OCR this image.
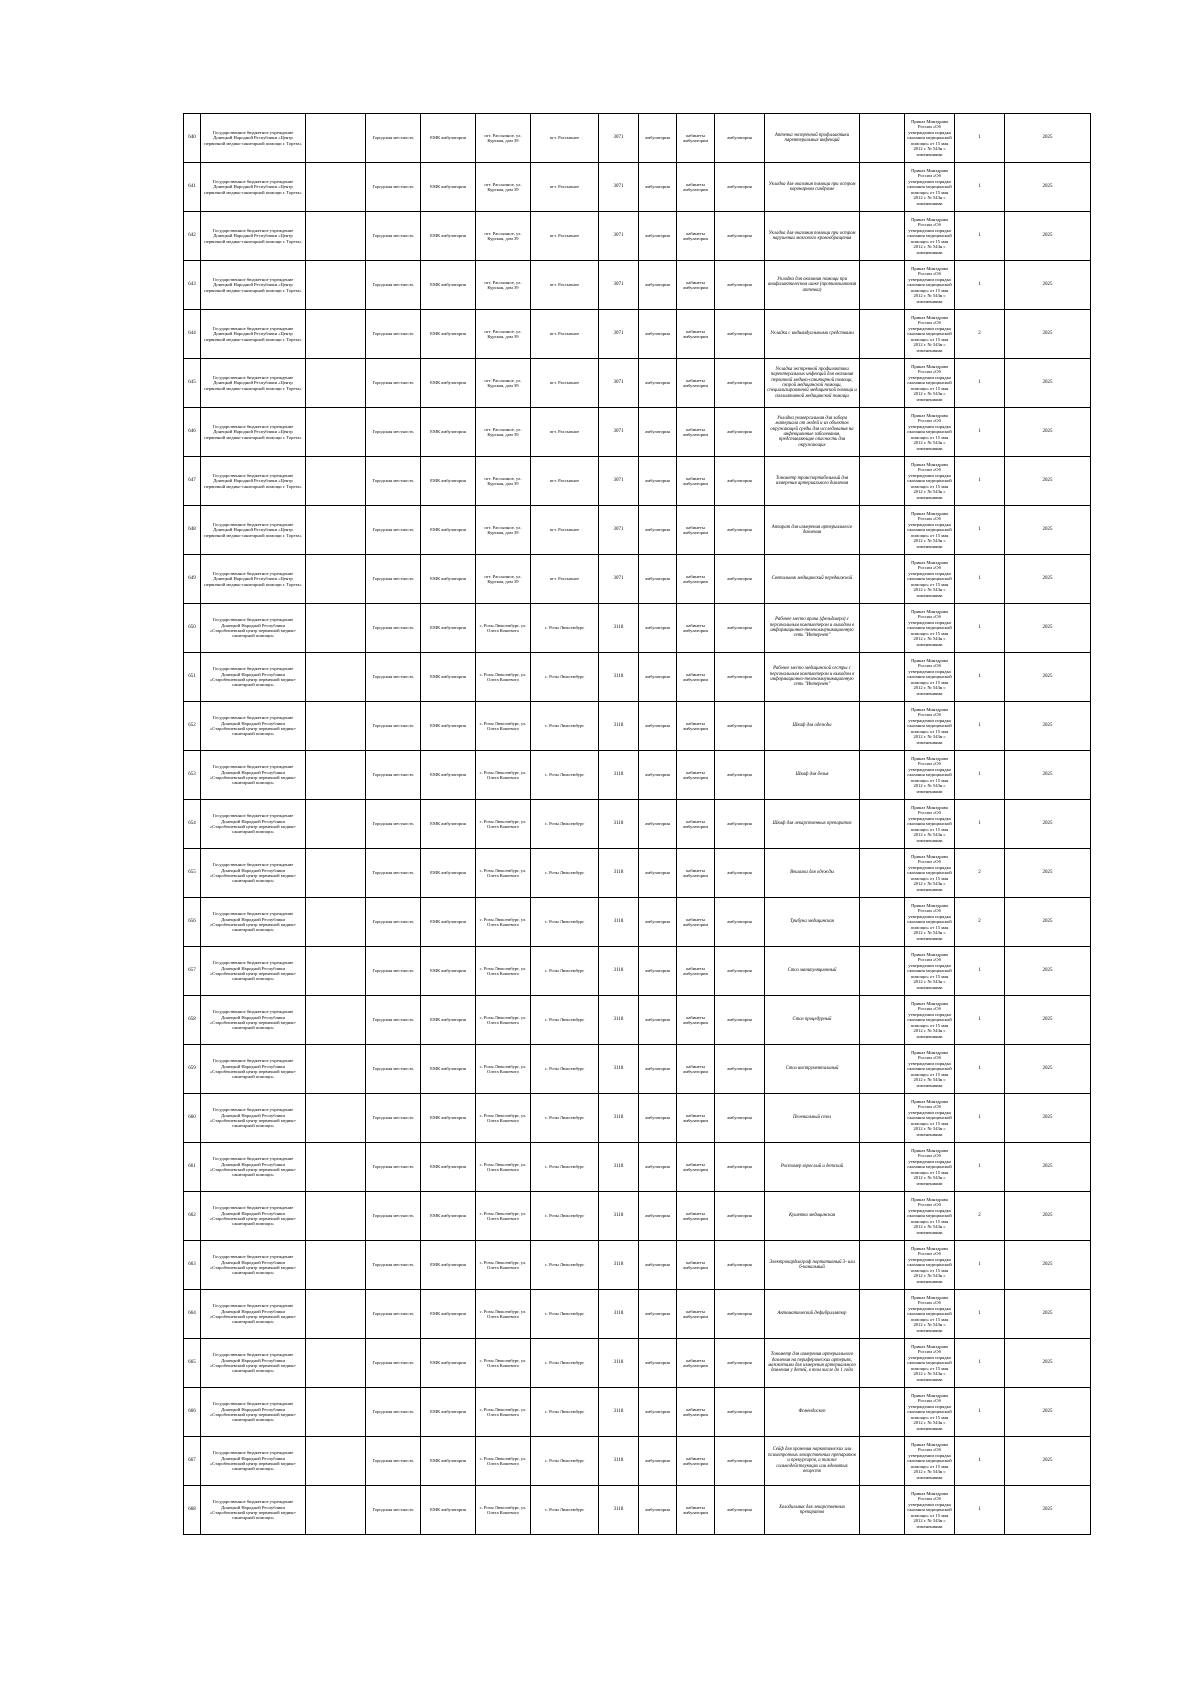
640	Государственное бюджетное учреждение Донецкой Народной Республики «Центр первичной медико-санитарной помощи г. Тореза»		Городская местность	ЕМК амбулатория	пгт. Рассыпное, ул. Курская, дом 39	пгт. Рассыпное	3071	амбулатория	кабинеты амбулатории	амбулатория	Аптечка экстренной профилактики парентеральных инфекций		Приказ Минздрава России «Об утверждении порядка оказания медицинской помощи» от 15 мая 2012 г. № 543н с изменениями	1	2025
641	Государственное бюджетное учреждение Донецкой Народной Республики «Центр первичной медико-санитарной помощи г. Тореза»		Городская местность	ЕМК амбулатория	пгт. Рассыпное, ул. Курская, дом 39	пгт. Рассыпное	3071	амбулатория	кабинеты амбулатории	амбулатория	Укладка для оказания помощи при остром коронарном синдроме		Приказ Минздрава России «Об утверждении порядка оказания медицинской помощи» от 15 мая 2012 г. № 543н с изменениями	1	2025
642	Государственное бюджетное учреждение Донецкой Народной Республики «Центр первичной медико-санитарной помощи г. Тореза»		Городская местность	ЕМК амбулатория	пгт. Рассыпное, ул. Курская, дом 39	пгт. Рассыпное	3071	амбулатория	кабинеты амбулатории	амбулатория	Укладка для оказания помощи при остром нарушении мозгового кровообращения		Приказ Минздрава России «Об утверждении порядка оказания медицинской помощи» от 15 мая 2012 г. № 543н с изменениями	1	2025
643	Государственное бюджетное учреждение Донецкой Народной Республики «Центр первичной медико-санитарной помощи г. Тореза»		Городская местность	ЕМК амбулатория	пгт. Рассыпное, ул. Курская, дом 39	пгт. Рассыпное	3071	амбулатория	кабинеты амбулатории	амбулатория	Укладка для оказания помощи при анафилактическом шоке (противошоковая аптечка)		Приказ Минздрава России «Об утверждении порядка оказания медицинской помощи» от 15 мая 2012 г. № 543н с изменениями	1	2025
644	Государственное бюджетное учреждение Донецкой Народной Республики «Центр первичной медико-санитарной помощи г. Тореза»		Городская местность	ЕМК амбулатория	пгт. Рассыпное, ул. Курская, дом 39	пгт. Рассыпное	3071	амбулатория	кабинеты амбулатории	амбулатория	Укладка с индивидуальными средствами		Приказ Минздрава России «Об утверждении порядка оказания медицинской помощи» от 15 мая 2012 г. № 543н с изменениями	2	2025
645	Государственное бюджетное учреждение Донецкой Народной Республики «Центр первичной медико-санитарной помощи г. Тореза»		Городская местность	ЕМК амбулатория	пгт. Рассыпное, ул. Курская, дом 39	пгт. Рассыпное	3071	амбулатория	кабинеты амбулатории	амбулатория	Укладка экстренной профилактики парентеральных инфекций для оказания первичной медико-санитарной помощи, скорой медицинской помощи, специализированной медицинской помощи и паллиативной медицинской помощи		Приказ Минздрава России «Об утверждении порядка оказания медицинской помощи» от 15 мая 2012 г. № 543н с изменениями	1	2025
646	Государственное бюджетное учреждение Донецкой Народной Республики «Центр первичной медико-санитарной помощи г. Тореза»		Городская местность	ЕМК амбулатория	пгт. Рассыпное, ул. Курская, дом 39	пгт. Рассыпное	3071	амбулатория	кабинеты амбулатории	амбулатория	Укладка универсальная для забора материала от людей и из объектов окружающей среды для исследования на инфекционные заболевания, представляющие опасность для окружающих		Приказ Минздрава России «Об утверждении порядка оказания медицинской помощи» от 15 мая 2012 г. № 543н с изменениями	1	2025
647	Государственное бюджетное учреждение Донецкой Народной Республики «Центр первичной медико-санитарной помощи г. Тореза»		Городская местность	ЕМК амбулатория	пгт. Рассыпное, ул. Курская, дом 39	пгт. Рассыпное	3071	амбулатория	кабинеты амбулатории	амбулатория	Тонометр транспортабельный для измерения артериального давления		Приказ Минздрава России «Об утверждении порядка оказания медицинской помощи» от 15 мая 2012 г. № 543н с изменениями	1	2025
648	Государственное бюджетное учреждение Донецкой Народной Республики «Центр первичной медико-санитарной помощи г. Тореза»		Городская местность	ЕМК амбулатория	пгт. Рассыпное, ул. Курская, дом 39	пгт. Рассыпное	3071	амбулатория	кабинеты амбулатории	амбулатория	Аппарат для измерения артериального давления		Приказ Минздрава России «Об утверждении порядка оказания медицинской помощи» от 15 мая 2012 г. № 543н с изменениями	1	2025
649	Государственное бюджетное учреждение Донецкой Народной Республики «Центр первичной медико-санитарной помощи г. Тореза»		Городская местность	ЕМК амбулатория	пгт. Рассыпное, ул. Курская, дом 39	пгт. Рассыпное	3071	амбулатория	кабинеты амбулатории	амбулатория	Светильник медицинский передвижной		Приказ Минздрава России «Об утверждении порядка оказания медицинской помощи» от 15 мая 2012 г. № 543н с изменениями	1	2025
650	Государственное бюджетное учреждение Донецкой Народной Республики «Старобешевский центр первичной медико-санитарной помощи»		Городская местность	ЕМК амбулатория	с. Розы Люксембург, ул. Олега Кошевого	с. Розы Люксембург	3118	амбулатория	кабинеты амбулатории	амбулатория	Рабочее место врача (фельдшера) с персональным компьютером и выходом в информационно-телекоммуникационную сеть "Интернет"		Приказ Минздрава России «Об утверждении порядка оказания медицинской помощи» от 15 мая 2012 г. № 543н с изменениями	1	2025
651	Государственное бюджетное учреждение Донецкой Народной Республики «Старобешевский центр первичной медико-санитарной помощи»		Городская местность	ЕМК амбулатория	с. Розы Люксембург, ул. Олега Кошевого	с. Розы Люксембург	3118	амбулатория	кабинеты амбулатории	амбулатория	Рабочее место медицинской сестры с персональным компьютером и выходом в информационно-телекоммуникационную сеть "Интернет"		Приказ Минздрава России «Об утверждении порядка оказания медицинской помощи» от 15 мая 2012 г. № 543н с изменениями	1	2025
652	Государственное бюджетное учреждение Донецкой Народной Республики «Старобешевский центр первичной медико-санитарной помощи»		Городская местность	ЕМК амбулатория	с. Розы Люксембург, ул. Олега Кошевого	с. Розы Люксембург	3118	амбулатория	кабинеты амбулатории	амбулатория	Шкаф для одежды		Приказ Минздрава России «Об утверждении порядка оказания медицинской помощи» от 15 мая 2012 г. № 543н с изменениями	1	2025
653	Государственное бюджетное учреждение Донецкой Народной Республики «Старобешевский центр первичной медико-санитарной помощи»		Городская местность	ЕМК амбулатория	с. Розы Люксембург, ул. Олега Кошевого	с. Розы Люксембург	3118	амбулатория	кабинеты амбулатории	амбулатория	Шкаф для белья		Приказ Минздрава России «Об утверждении порядка оказания медицинской помощи» от 15 мая 2012 г. № 543н с изменениями	1	2025
654	Государственное бюджетное учреждение Донецкой Народной Республики «Старобешевский центр первичной медико-санитарной помощи»		Городская местность	ЕМК амбулатория	с. Розы Люксембург, ул. Олега Кошевого	с. Розы Люксембург	3118	амбулатория	кабинеты амбулатории	амбулатория	Шкаф для лекарственных препаратов		Приказ Минздрава России «Об утверждении порядка оказания медицинской помощи» от 15 мая 2012 г. № 543н с изменениями	1	2025
655	Государственное бюджетное учреждение Донецкой Народной Республики «Старобешевский центр первичной медико-санитарной помощи»		Городская местность	ЕМК амбулатория	с. Розы Люксембург, ул. Олега Кошевого	с. Розы Люксембург	3118	амбулатория	кабинеты амбулатории	амбулатория	Вешалка для одежды		Приказ Минздрава России «Об утверждении порядка оказания медицинской помощи» от 15 мая 2012 г. № 543н с изменениями	2	2025
656	Государственное бюджетное учреждение Донецкой Народной Республики «Старобешевский центр первичной медико-санитарной помощи»		Городская местность	ЕМК амбулатория	с. Розы Люксембург, ул. Олега Кошевого	с. Розы Люксембург	3118	амбулатория	кабинеты амбулатории	амбулатория	Трибуна медицинская		Приказ Минздрава России «Об утверждении порядка оказания медицинской помощи» от 15 мая 2012 г. № 543н с изменениями	2	2025
657	Государственное бюджетное учреждение Донецкой Народной Республики «Старобешевский центр первичной медико-санитарной помощи»		Городская местность	ЕМК амбулатория	с. Розы Люксембург, ул. Олега Кошевого	с. Розы Люксембург	3118	амбулатория	кабинеты амбулатории	амбулатория	Стол манипуляционный		Приказ Минздрава России «Об утверждении порядка оказания медицинской помощи» от 15 мая 2012 г. № 543н с изменениями	1	2025
658	Государственное бюджетное учреждение Донецкой Народной Республики «Старобешевский центр первичной медико-санитарной помощи»		Городская местность	ЕМК амбулатория	с. Розы Люксембург, ул. Олега Кошевого	с. Розы Люксембург	3118	амбулатория	кабинеты амбулатории	амбулатория	Стол процедурный		Приказ Минздрава России «Об утверждении порядка оказания медицинской помощи» от 15 мая 2012 г. № 543н с изменениями	1	2025
659	Государственное бюджетное учреждение Донецкой Народной Республики «Старобешевский центр первичной медико-санитарной помощи»		Городская местность	ЕМК амбулатория	с. Розы Люксембург, ул. Олега Кошевого	с. Розы Люксембург	3118	амбулатория	кабинеты амбулатории	амбулатория	Стол инструментальный		Приказ Минздрава России «Об утверждении порядка оказания медицинской помощи» от 15 мая 2012 г. № 543н с изменениями	1	2025
660	Государственное бюджетное учреждение Донецкой Народной Республики «Старобешевский центр первичной медико-санитарной помощи»		Городская местность	ЕМК амбулатория	с. Розы Люксембург, ул. Олега Кошевого	с. Розы Люксембург	3118	амбулатория	кабинеты амбулатории	амбулатория	Пеленальный стол		Приказ Минздрава России «Об утверждении порядка оказания медицинской помощи» от 15 мая 2012 г. № 543н с изменениями	1	2025
661	Государственное бюджетное учреждение Донецкой Народной Республики «Старобешевский центр первичной медико-санитарной помощи»		Городская местность	ЕМК амбулатория	с. Розы Люксембург, ул. Олега Кошевого	с. Розы Люксембург	3118	амбулатория	кабинеты амбулатории	амбулатория	Ростомер взрослый и детский		Приказ Минздрава России «Об утверждении порядка оказания медицинской помощи» от 15 мая 2012 г. № 543н с изменениями	1	2025
662	Государственное бюджетное учреждение Донецкой Народной Республики «Старобешевский центр первичной медико-санитарной помощи»		Городская местность	ЕМК амбулатория	с. Розы Люксембург, ул. Олега Кошевого	с. Розы Люксембург	3118	амбулатория	кабинеты амбулатории	амбулатория	Кушетка медицинская		Приказ Минздрава России «Об утверждении порядка оказания медицинской помощи» от 15 мая 2012 г. № 543н с изменениями	2	2025
663	Государственное бюджетное учреждение Донецкой Народной Республики «Старобешевский центр первичной медико-санитарной помощи»		Городская местность	ЕМК амбулатория	с. Розы Люксембург, ул. Олега Кошевого	с. Розы Люксембург	3118	амбулатория	кабинеты амбулатории	амбулатория	Электрокардиограф портативный 3- или 6-канальный		Приказ Минздрава России «Об утверждении порядка оказания медицинской помощи» от 15 мая 2012 г. № 543н с изменениями	1	2025
664	Государственное бюджетное учреждение Донецкой Народной Республики «Старобешевский центр первичной медико-санитарной помощи»		Городская местность	ЕМК амбулатория	с. Розы Люксембург, ул. Олега Кошевого	с. Розы Люксембург	3118	амбулатория	кабинеты амбулатории	амбулатория	Автоматический дефибриллятор		Приказ Минздрава России «Об утверждении порядка оказания медицинской помощи» от 15 мая 2012 г. № 543н с изменениями	1	2025
665	Государственное бюджетное учреждение Донецкой Народной Республики «Старобешевский центр первичной медико-санитарной помощи»		Городская местность	ЕМК амбулатория	с. Розы Люксембург, ул. Олега Кошевого	с. Розы Люксембург	3118	амбулатория	кабинеты амбулатории	амбулатория	Тонометр для измерения артериального давления на периферических артериях, манжетами для измерения артериального давления у детей, в том числе до 1 года		Приказ Минздрава России «Об утверждении порядка оказания медицинской помощи» от 15 мая 2012 г. № 543н с изменениями	1	2025
666	Государственное бюджетное учреждение Донецкой Народной Республики «Старобешевский центр первичной медико-санитарной помощи»		Городская местность	ЕМК амбулатория	с. Розы Люксембург, ул. Олега Кошевого	с. Розы Люксембург	3118	амбулатория	кабинеты амбулатории	амбулатория	Фонендоскоп		Приказ Минздрава России «Об утверждении порядка оказания медицинской помощи» от 15 мая 2012 г. № 543н с изменениями	1	2025
667	Государственное бюджетное учреждение Донецкой Народной Республики «Старобешевский центр первичной медико-санитарной помощи»		Городская местность	ЕМК амбулатория	с. Розы Люксембург, ул. Олега Кошевого	с. Розы Люксембург	3118	амбулатория	кабинеты амбулатории	амбулатория	Сейф для хранения наркотических или психотропных лекарственных препаратов и прекурсоров, а также сильнодействующих или ядовитых веществ		Приказ Минздрава России «Об утверждении порядка оказания медицинской помощи» от 15 мая 2012 г. № 543н с изменениями	1	2025
668	Государственное бюджетное учреждение Донецкой Народной Республики «Старобешевский центр первичной медико-санитарной помощи»		Городская местность	ЕМК амбулатория	с. Розы Люксембург, ул. Олега Кошевого	с. Розы Люксембург	3118	амбулатория	кабинеты амбулатории	амбулатория	Холодильник для лекарственных препаратов		Приказ Минздрава России «Об утверждении порядка оказания медицинской помощи» от 15 мая 2012 г. № 543н с изменениями	1	2025
